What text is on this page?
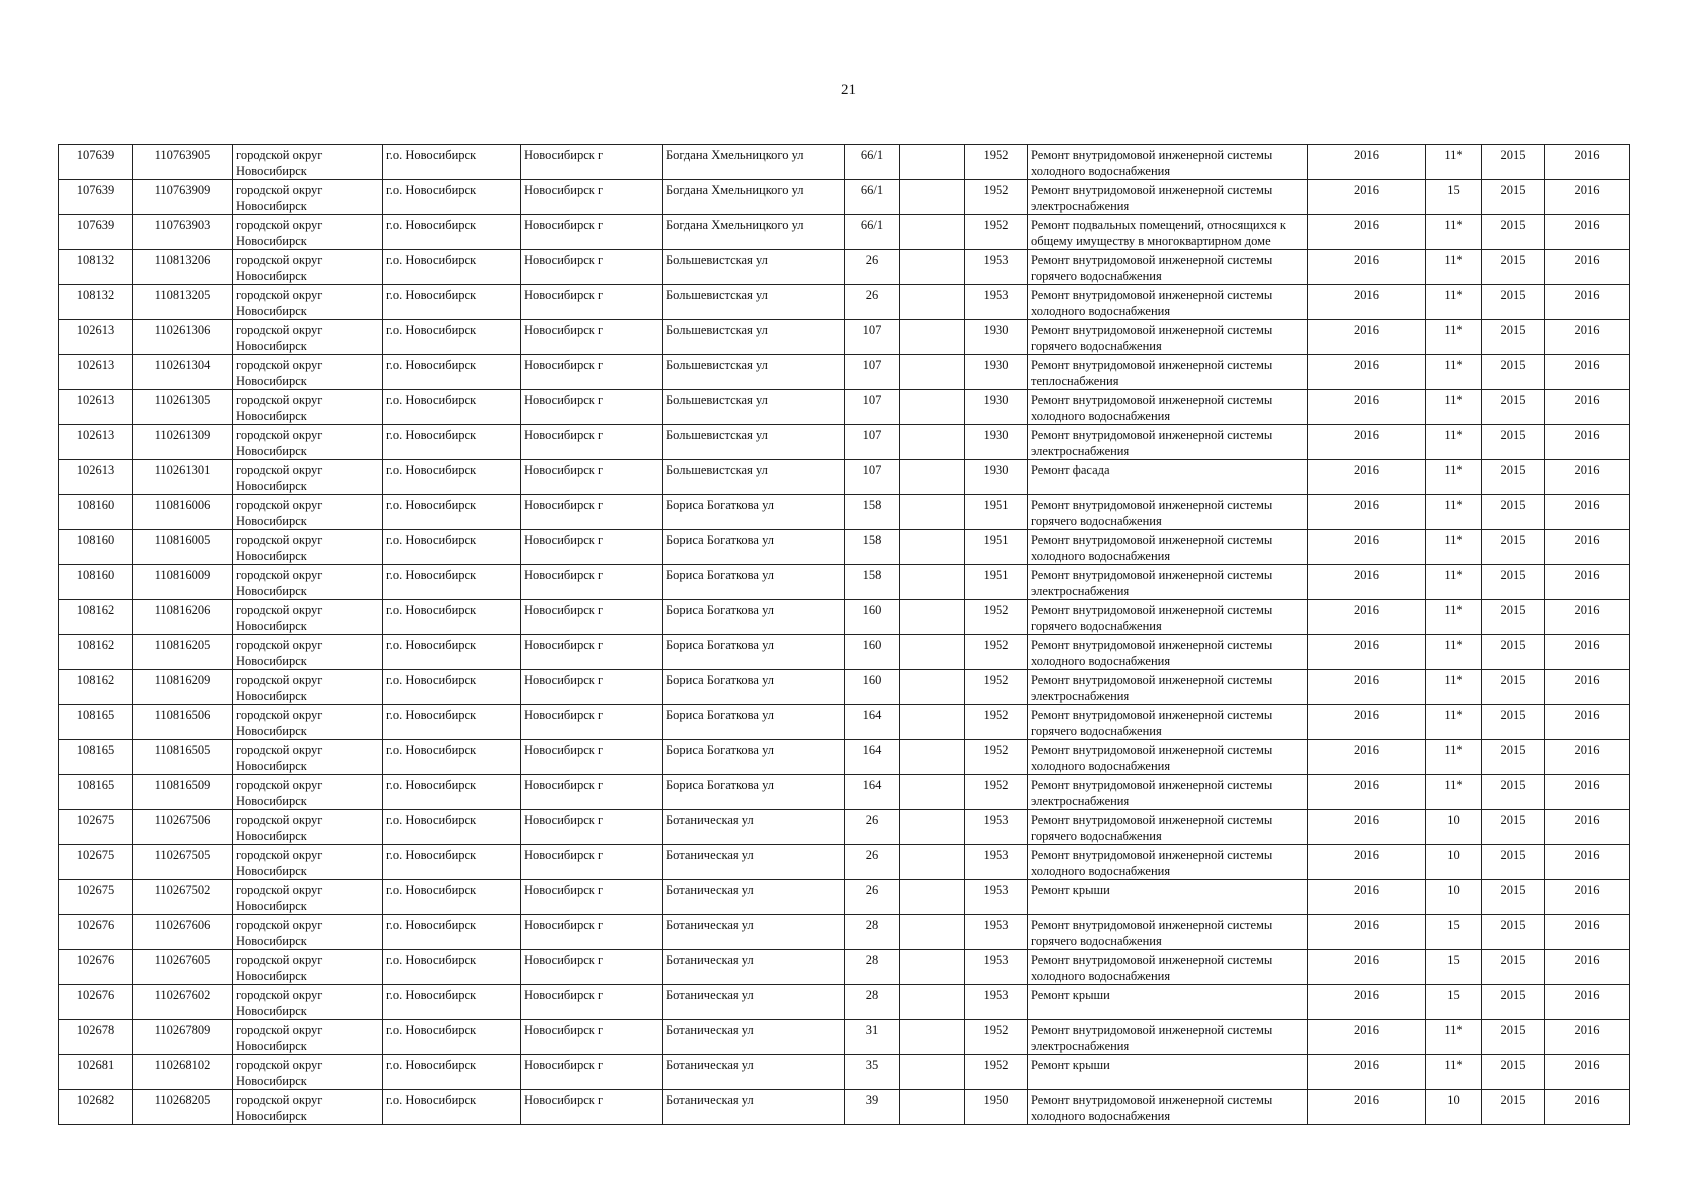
21
107639	110763905	городской округ Новосибирск	г.о. Новосибирск	Новосибирск г	Богдана Хмельницкого ул	66/1		1952	Ремонт внутридомовой инженерной системы холодного водоснабжения	2016	11*	2015	2016
107639	110763909	городской округ Новосибирск	г.о. Новосибирск	Новосибирск г	Богдана Хмельницкого ул	66/1		1952	Ремонт внутридомовой инженерной системы электроснабжения	2016	15	2015	2016
107639	110763903	городской округ Новосибирск	г.о. Новосибирск	Новосибирск г	Богдана Хмельницкого ул	66/1		1952	Ремонт подвальных помещений, относящихся к общему имуществу в многоквартирном доме	2016	11*	2015	2016
108132	110813206	городской округ Новосибирск	г.о. Новосибирск	Новосибирск г	Большевистская ул	26		1953	Ремонт внутридомовой инженерной системы горячего водоснабжения	2016	11*	2015	2016
108132	110813205	городской округ Новосибирск	г.о. Новосибирск	Новосибирск г	Большевистская ул	26		1953	Ремонт внутридомовой инженерной системы холодного водоснабжения	2016	11*	2015	2016
102613	110261306	городской округ Новосибирск	г.о. Новосибирск	Новосибирск г	Большевистская ул	107		1930	Ремонт внутридомовой инженерной системы горячего водоснабжения	2016	11*	2015	2016
102613	110261304	городской округ Новосибирск	г.о. Новосибирск	Новосибирск г	Большевистская ул	107		1930	Ремонт внутридомовой инженерной системы теплоснабжения	2016	11*	2015	2016
102613	110261305	городской округ Новосибирск	г.о. Новосибирск	Новосибирск г	Большевистская ул	107		1930	Ремонт внутридомовой инженерной системы холодного водоснабжения	2016	11*	2015	2016
102613	110261309	городской округ Новосибирск	г.о. Новосибирск	Новосибирск г	Большевистская ул	107		1930	Ремонт внутридомовой инженерной системы электроснабжения	2016	11*	2015	2016
102613	110261301	городской округ Новосибирск	г.о. Новосибирск	Новосибирск г	Большевистская ул	107		1930	Ремонт фасада	2016	11*	2015	2016
108160	110816006	городской округ Новосибирск	г.о. Новосибирск	Новосибирск г	Бориса Богаткова ул	158		1951	Ремонт внутридомовой инженерной системы горячего водоснабжения	2016	11*	2015	2016
108160	110816005	городской округ Новосибирск	г.о. Новосибирск	Новосибирск г	Бориса Богаткова ул	158		1951	Ремонт внутридомовой инженерной системы холодного водоснабжения	2016	11*	2015	2016
108160	110816009	городской округ Новосибирск	г.о. Новосибирск	Новосибирск г	Бориса Богаткова ул	158		1951	Ремонт внутридомовой инженерной системы электроснабжения	2016	11*	2015	2016
108162	110816206	городской округ Новосибирск	г.о. Новосибирск	Новосибирск г	Бориса Богаткова ул	160		1952	Ремонт внутридомовой инженерной системы горячего водоснабжения	2016	11*	2015	2016
108162	110816205	городской округ Новосибирск	г.о. Новосибирск	Новосибирск г	Бориса Богаткова ул	160		1952	Ремонт внутридомовой инженерной системы холодного водоснабжения	2016	11*	2015	2016
108162	110816209	городской округ Новосибирск	г.о. Новосибирск	Новосибирск г	Бориса Богаткова ул	160		1952	Ремонт внутридомовой инженерной системы электроснабжения	2016	11*	2015	2016
108165	110816506	городской округ Новосибирск	г.о. Новосибирск	Новосибирск г	Бориса Богаткова ул	164		1952	Ремонт внутридомовой инженерной системы горячего водоснабжения	2016	11*	2015	2016
108165	110816505	городской округ Новосибирск	г.о. Новосибирск	Новосибирск г	Бориса Богаткова ул	164		1952	Ремонт внутридомовой инженерной системы холодного водоснабжения	2016	11*	2015	2016
108165	110816509	городской округ Новосибирск	г.о. Новосибирск	Новосибирск г	Бориса Богаткова ул	164		1952	Ремонт внутридомовой инженерной системы электроснабжения	2016	11*	2015	2016
102675	110267506	городской округ Новосибирск	г.о. Новосибирск	Новосибирск г	Ботаническая ул	26		1953	Ремонт внутридомовой инженерной системы горячего водоснабжения	2016	10	2015	2016
102675	110267505	городской округ Новосибирск	г.о. Новосибирск	Новосибирск г	Ботаническая ул	26		1953	Ремонт внутридомовой инженерной системы холодного водоснабжения	2016	10	2015	2016
102675	110267502	городской округ Новосибирск	г.о. Новосибирск	Новосибирск г	Ботаническая ул	26		1953	Ремонт крыши	2016	10	2015	2016
102676	110267606	городской округ Новосибирск	г.о. Новосибирск	Новосибирск г	Ботаническая ул	28		1953	Ремонт внутридомовой инженерной системы горячего водоснабжения	2016	15	2015	2016
102676	110267605	городской округ Новосибирск	г.о. Новосибирск	Новосибирск г	Ботаническая ул	28		1953	Ремонт внутридомовой инженерной системы холодного водоснабжения	2016	15	2015	2016
102676	110267602	городской округ Новосибирск	г.о. Новосибирск	Новосибирск г	Ботаническая ул	28		1953	Ремонт крыши	2016	15	2015	2016
102678	110267809	городской округ Новосибирск	г.о. Новосибирск	Новосибирск г	Ботаническая ул	31		1952	Ремонт внутридомовой инженерной системы электроснабжения	2016	11*	2015	2016
102681	110268102	городской округ Новосибирск	г.о. Новосибирск	Новосибирск г	Ботаническая ул	35		1952	Ремонт крыши	2016	11*	2015	2016
102682	110268205	городской округ Новосибирск	г.о. Новосибирск	Новосибирск г	Ботаническая ул	39		1950	Ремонт внутридомовой инженерной системы холодного водоснабжения	2016	10	2015	2016
